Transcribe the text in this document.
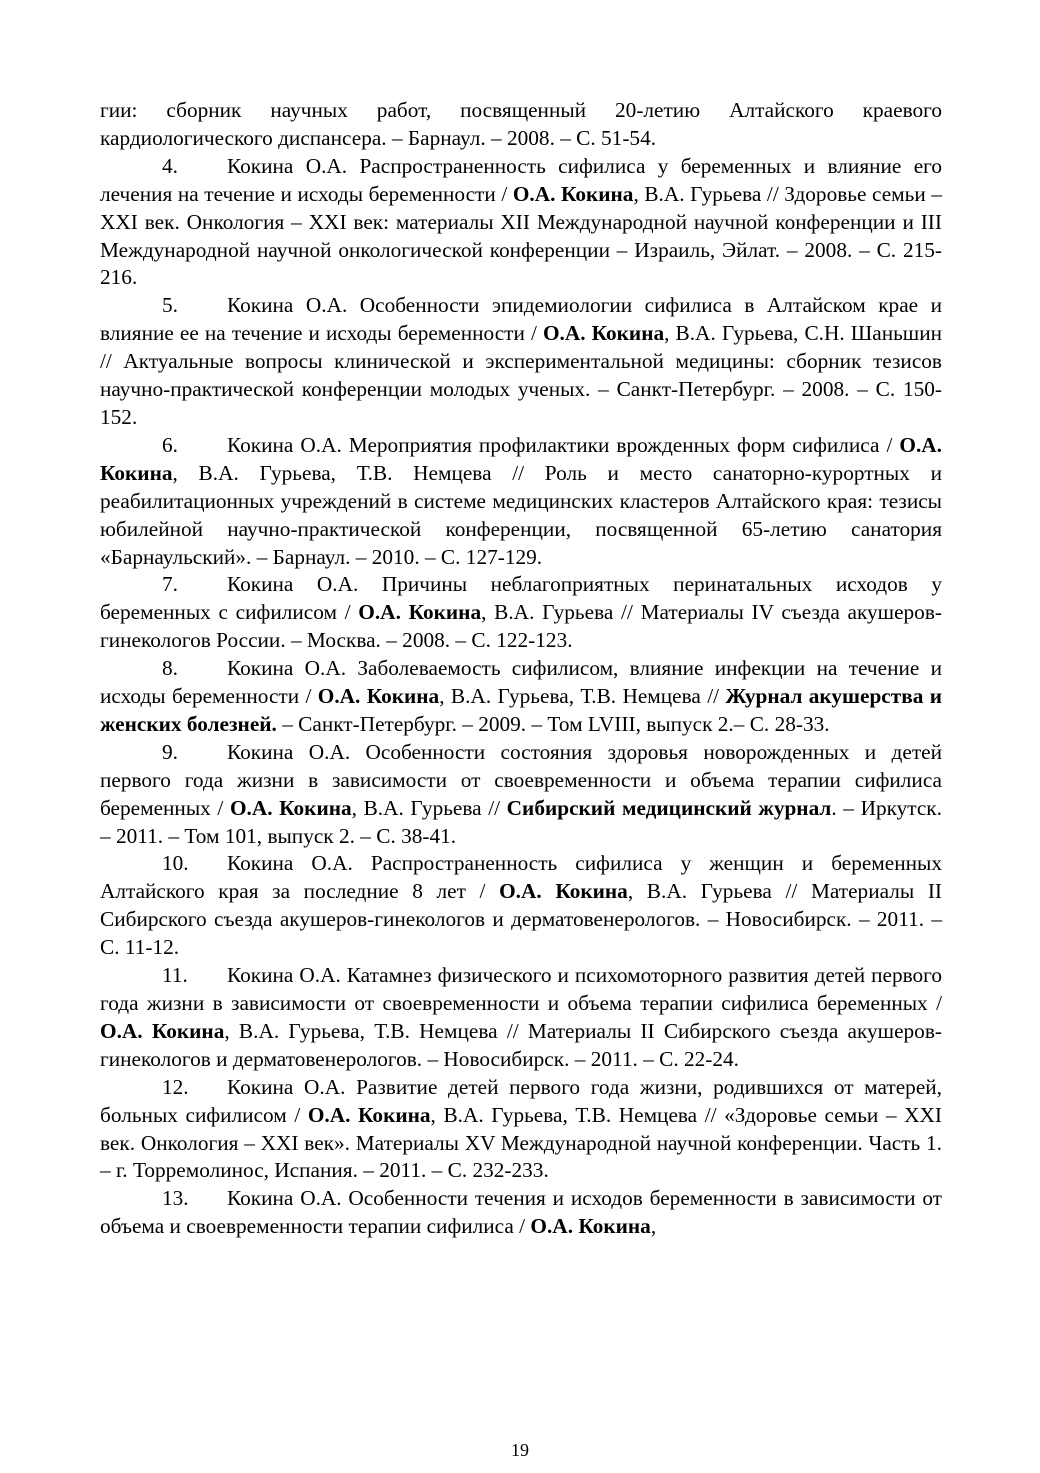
гии: сборник научных работ, посвященный 20-летию Алтайского краевого кардиологического диспансера. – Барнаул. – 2008. – С. 51-54.

4. Кокина О.А. Распространенность сифилиса у беременных и влияние его лечения на течение и исходы беременности / О.А. Кокина, В.А. Гурьева // Здоровье семьи – XXI век. Онкология – XXI век: материалы XII Международной научной конференции и III Международной научной онкологической конференции – Израиль, Эйлат. – 2008. – С. 215-216.

5. Кокина О.А. Особенности эпидемиологии сифилиса в Алтайском крае и влияние ее на течение и исходы беременности / О.А. Кокина, В.А. Гурьева, С.Н. Шаньшин // Актуальные вопросы клинической и экспериментальной медицины: сборник тезисов научно-практической конференции молодых ученых. – Санкт-Петербург. – 2008. – С. 150-152.

6. Кокина О.А. Мероприятия профилактики врожденных форм сифилиса / О.А. Кокина, В.А. Гурьева, Т.В. Немцева // Роль и место санаторно-курортных и реабилитационных учреждений в системе медицинских кластеров Алтайского края: тезисы юбилейной научно-практической конференции, посвященной 65-летию санатория «Барнаульский». – Барнаул. – 2010. – С. 127-129.

7. Кокина О.А. Причины неблагоприятных перинатальных исходов у беременных с сифилисом / О.А. Кокина, В.А. Гурьева // Материалы IV съезда акушеров-гинекологов России. – Москва. – 2008. – С. 122-123.

8. Кокина О.А. Заболеваемость сифилисом, влияние инфекции на течение и исходы беременности / О.А. Кокина, В.А. Гурьева, Т.В. Немцева // Журнал акушерства и женских болезней. – Санкт-Петербург. – 2009. – Том LVIII, выпуск 2.– С. 28-33.

9. Кокина О.А. Особенности состояния здоровья новорожденных и детей первого года жизни в зависимости от своевременности и объема терапии сифилиса беременных / О.А. Кокина, В.А. Гурьева // Сибирский медицинский журнал. – Иркутск. – 2011. – Том 101, выпуск 2. – С. 38-41.

10. Кокина О.А. Распространенность сифилиса у женщин и беременных Алтайского края за последние 8 лет / О.А. Кокина, В.А. Гурьева // Материалы II Сибирского съезда акушеров-гинекологов и дерматовенерологов. – Новосибирск. – 2011. – С. 11-12.

11. Кокина О.А. Катамнез физического и психомоторного развития детей первого года жизни в зависимости от своевременности и объема терапии сифилиса беременных / О.А. Кокина, В.А. Гурьева, Т.В. Немцева // Материалы II Сибирского съезда акушеров-гинекологов и дерматовенерологов. – Новосибирск. – 2011. – С. 22-24.

12. Кокина О.А. Развитие детей первого года жизни, родившихся от матерей, больных сифилисом / О.А. Кокина, В.А. Гурьева, Т.В. Немцева // «Здоровье семьи – XXI век. Онкология – XXI век». Материалы XV Международной научной конференции. Часть 1. – г. Торремолинос, Испания. – 2011. – С. 232-233.

13. Кокина О.А. Особенности течения и исходов беременности в зависимости от объема и своевременности терапии сифилиса / О.А. Кокина,

19
